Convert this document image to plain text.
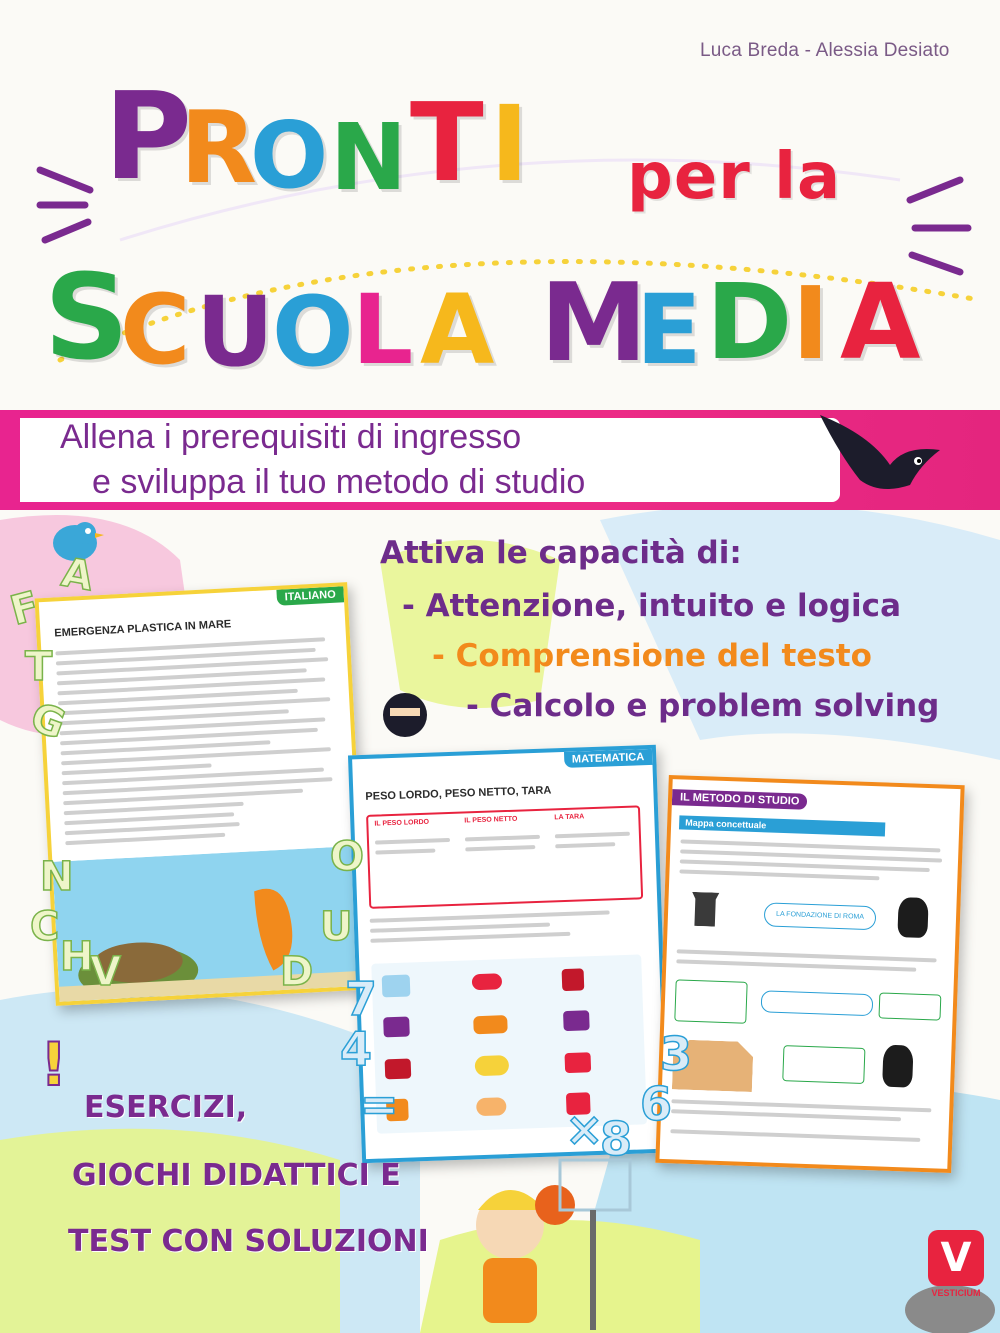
Luca Breda - Alessia Desiato
P
R
O N T I per la
S
C U
O
L A M
E D I A
Allena i prerequisiti di ingresso
e sviluppa il tuo metodo di studio
Attiva le capacità di:
- Attenzione, intuito e logica
- Comprensione del testo
- Calcolo e problem solving
ITALIANO
EMERGENZA PLASTICA IN MARE
MATEMATICA
PESO LORDO, PESO NETTO, TARA
IL PESO LORDO	IL PESO NETTO	LA TARA
IL METODO DI STUDIO
Mappa concettuale
LA FONDAZIONE DI ROMA
F
A
T
G
N
C
H
V	D
U
O
7
4
=	6
8
3
×
!
ESERCIZI,
GIOCHI DIDATTICI E
TEST CON SOLUZIONI	V
VESTICIUM
